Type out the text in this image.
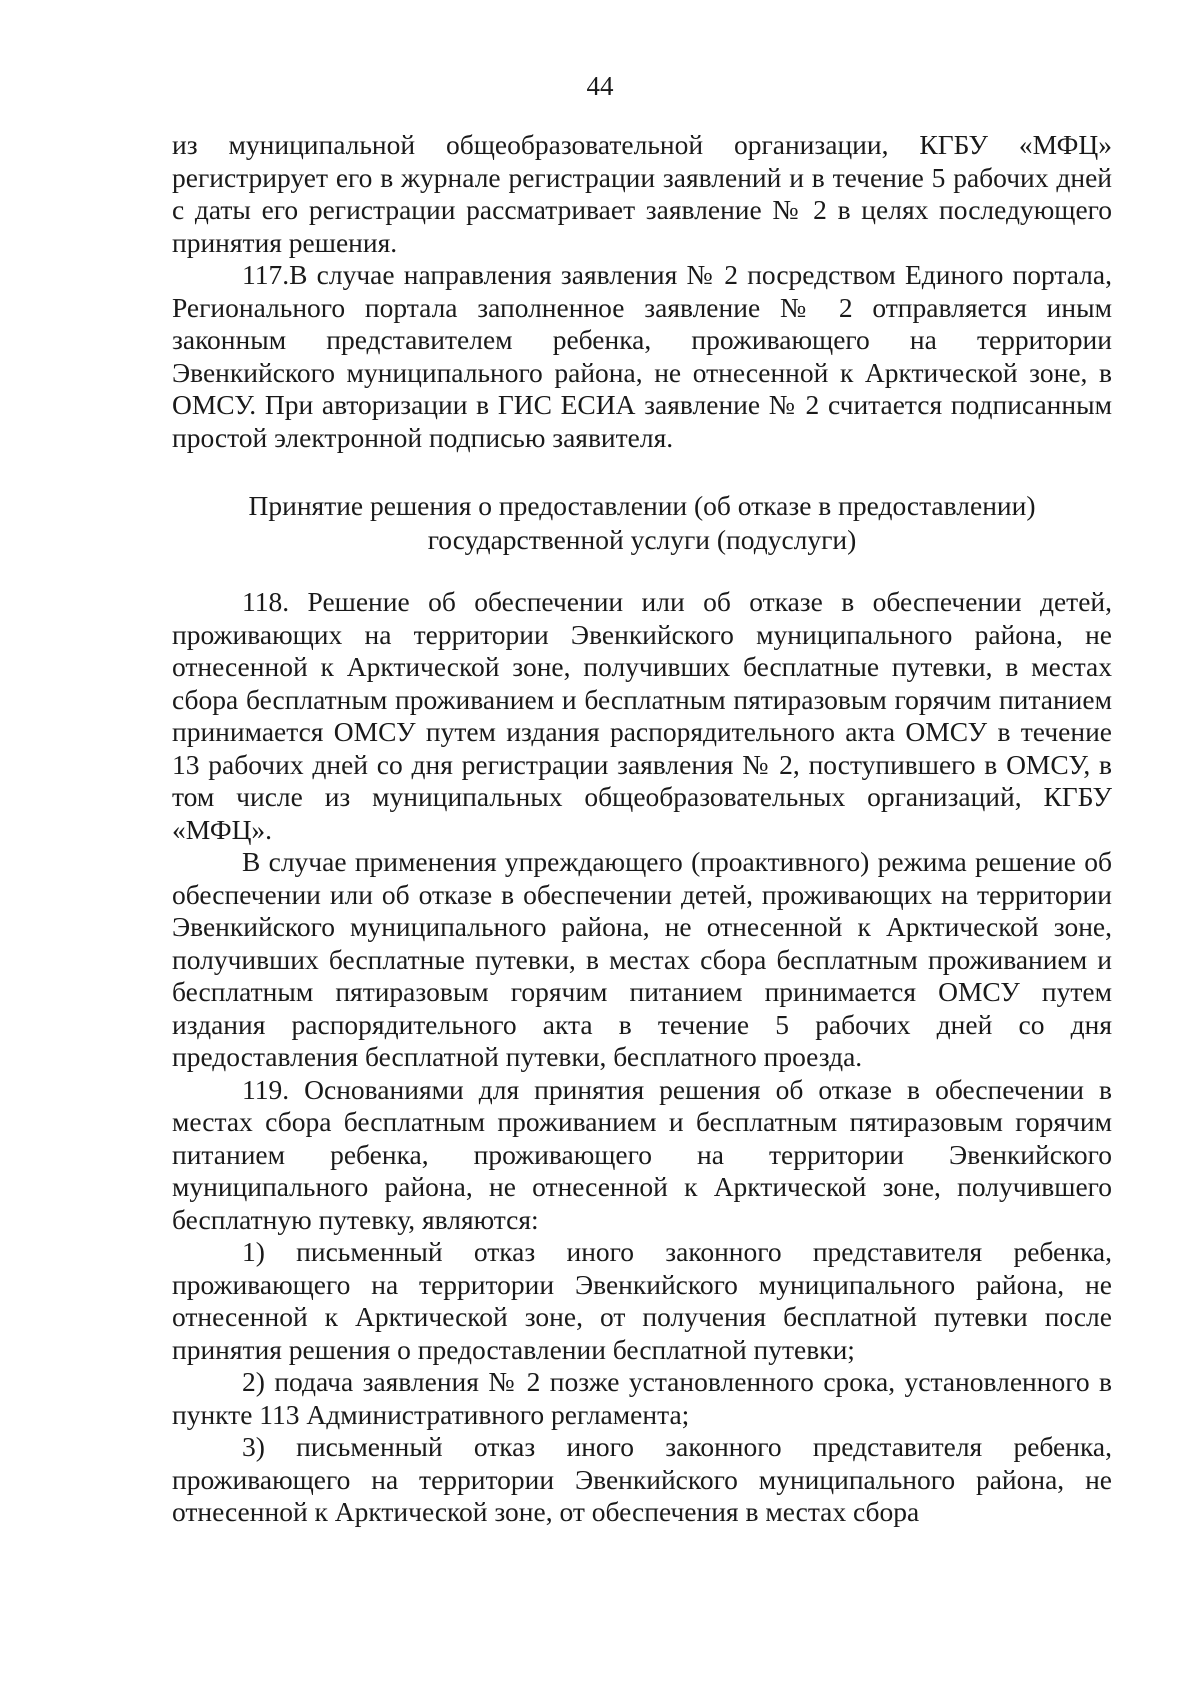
44

из муниципальной общеобразовательной организации, КГБУ «МФЦ» регистрирует его в журнале регистрации заявлений и в течение 5 рабочих дней с даты его регистрации рассматривает заявление № 2 в целях последующего принятия решения.

117.В случае направления заявления № 2 посредством Единого портала, Регионального портала заполненное заявление № 2 отправляется иным законным представителем ребенка, проживающего на территории Эвенкийского муниципального района, не отнесенной к Арктической зоне, в ОМСУ. При авторизации в ГИС ЕСИА заявление № 2 считается подписанным простой электронной подписью заявителя.

Принятие решения о предоставлении (об отказе в предоставлении)
государственной услуги (подуслуги)

118. Решение об обеспечении или об отказе в обеспечении детей, проживающих на территории Эвенкийского муниципального района, не отнесенной к Арктической зоне, получивших бесплатные путевки, в местах сбора бесплатным проживанием и бесплатным пятиразовым горячим питанием принимается ОМСУ путем издания распорядительного акта ОМСУ в течение 13 рабочих дней со дня регистрации заявления № 2, поступившего в ОМСУ, в том числе из муниципальных общеобразовательных организаций, КГБУ «МФЦ».

В случае применения упреждающего (проактивного) режима решение об обеспечении или об отказе в обеспечении детей, проживающих на территории Эвенкийского муниципального района, не отнесенной к Арктической зоне, получивших бесплатные путевки, в местах сбора бесплатным проживанием и бесплатным пятиразовым горячим питанием принимается ОМСУ путем издания распорядительного акта в течение 5 рабочих дней со дня предоставления бесплатной путевки, бесплатного проезда.

119. Основаниями для принятия решения об отказе в обеспечении в местах сбора бесплатным проживанием и бесплатным пятиразовым горячим питанием ребенка, проживающего на территории Эвенкийского муниципального района, не отнесенной к Арктической зоне, получившего бесплатную путевку, являются:

1) письменный отказ иного законного представителя ребенка, проживающего на территории Эвенкийского муниципального района, не отнесенной к Арктической зоне, от получения бесплатной путевки после принятия решения о предоставлении бесплатной путевки;

2) подача заявления № 2 позже установленного срока, установленного в пункте 113 Административного регламента;

3) письменный отказ иного законного представителя ребенка, проживающего на территории Эвенкийского муниципального района, не отнесенной к Арктической зоне, от обеспечения в местах сбора
